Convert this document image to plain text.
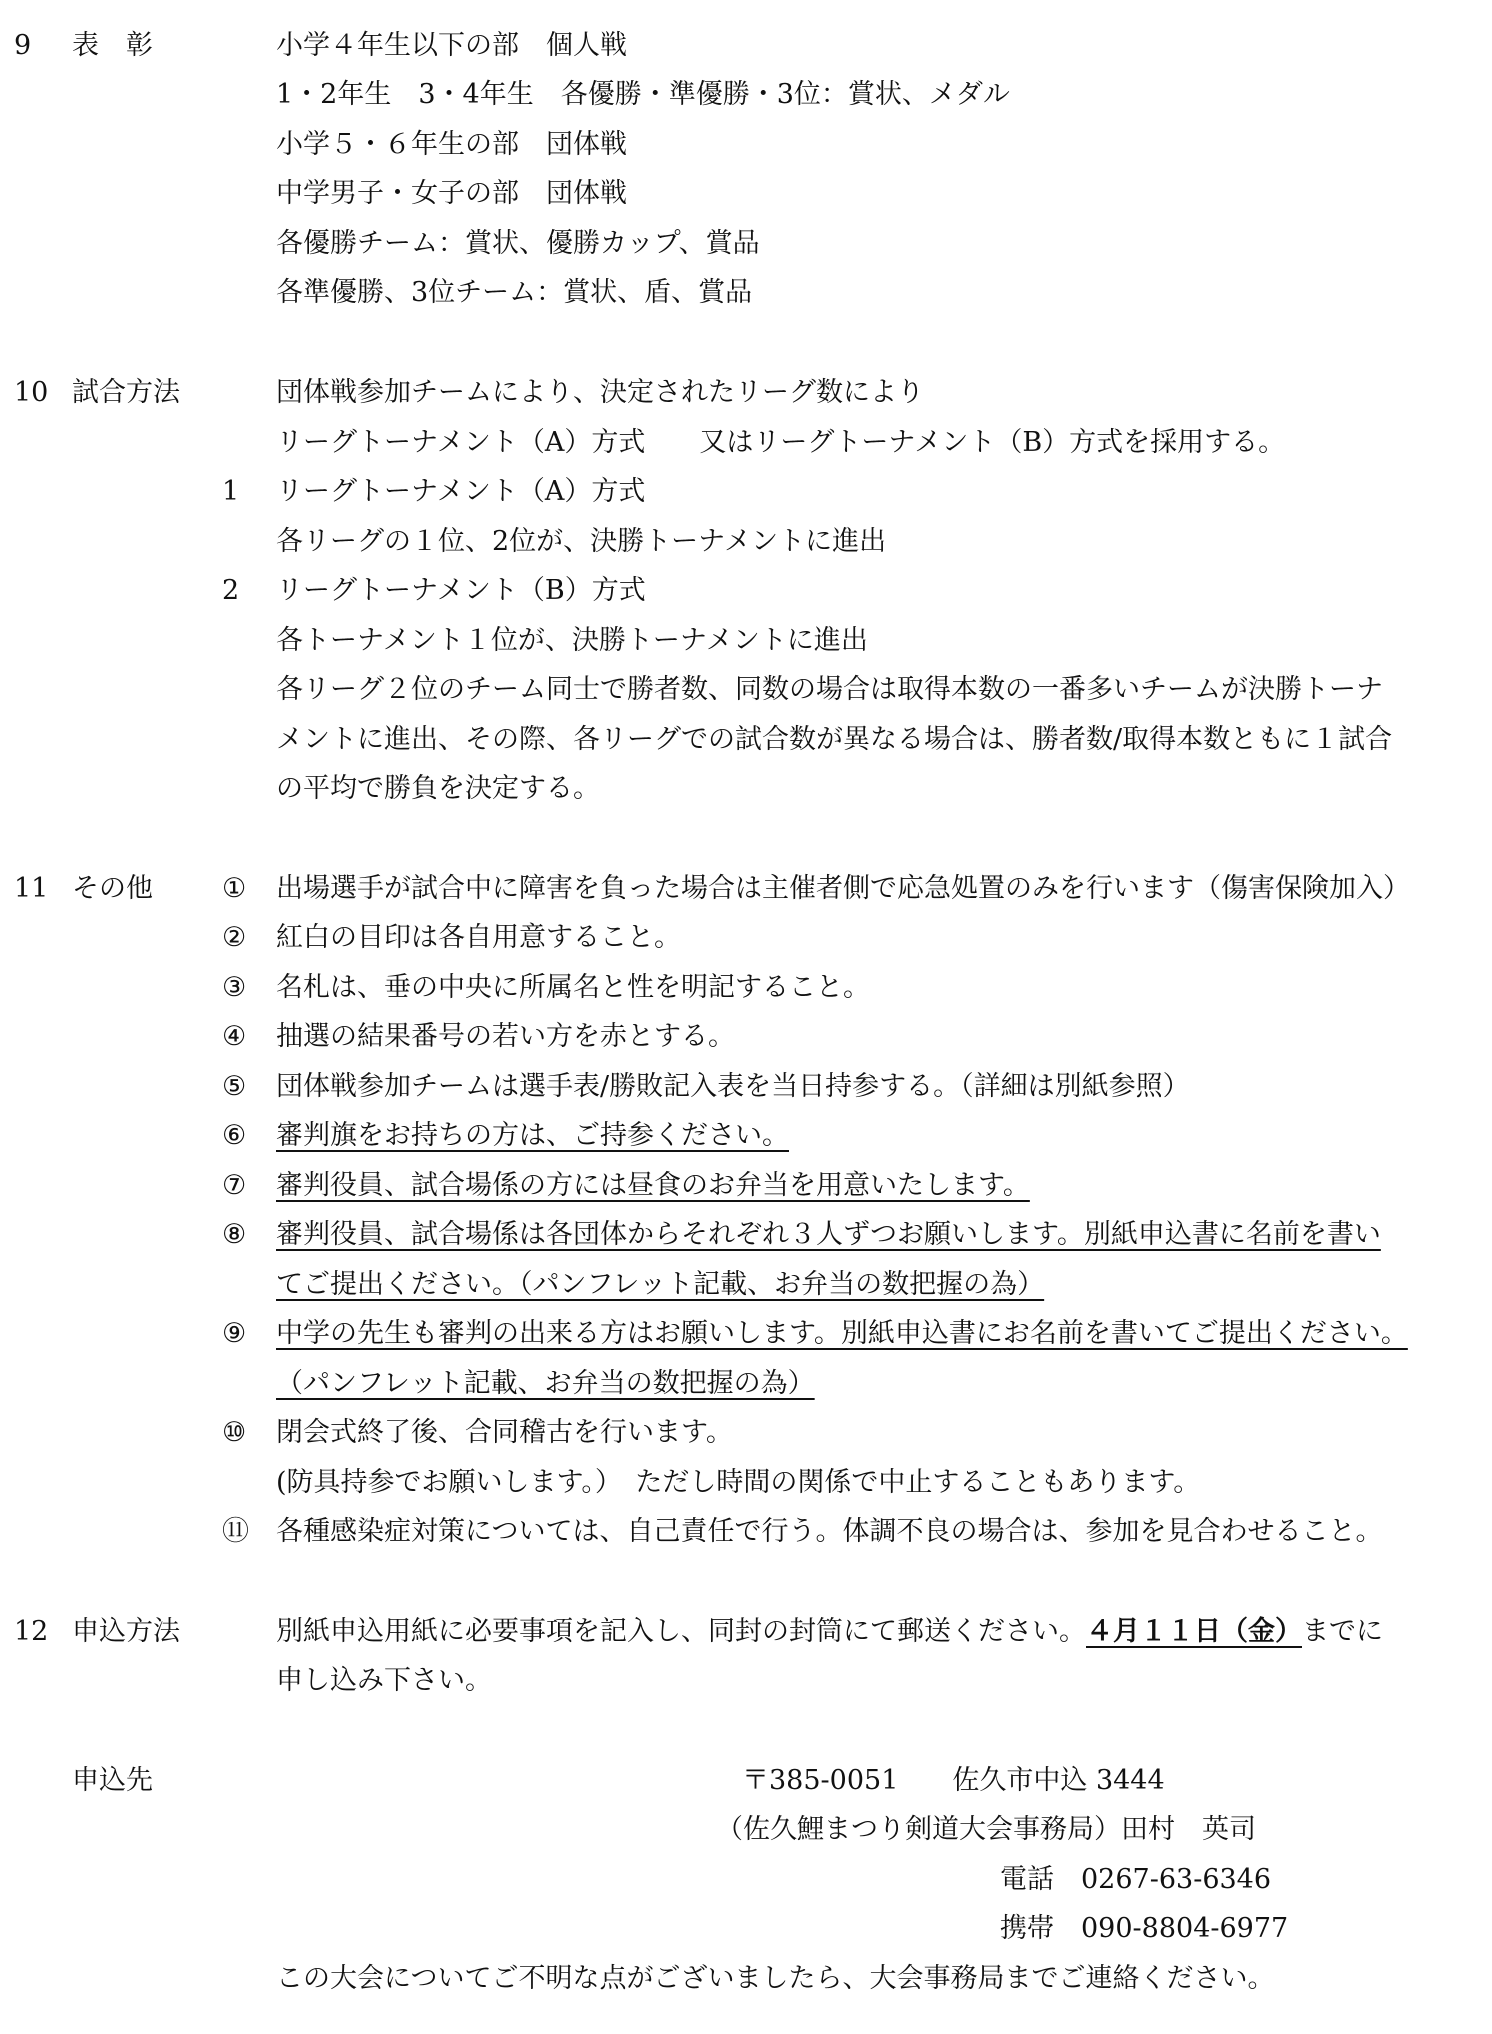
9 表　彰	小学４年生以下の部　個人戦
1・2年生　3・4年生　各優勝・準優勝・3位：賞状、メダル
小学５・６年生の部　団体戦
中学男子・女子の部　団体戦
各優勝チーム：賞状、優勝カップ、賞品
各準優勝、3位チーム：賞状、盾、賞品
10 試合方法	団体戦参加チームにより、決定されたリーグ数により
リーグトーナメント（A）方式　　又はリーグトーナメント（B）方式を採用する。
1 リーグトーナメント（A）方式
各リーグの１位、2位が、決勝トーナメントに進出
2 リーグトーナメント（B）方式
各トーナメント１位が、決勝トーナメントに進出
各リーグ２位のチーム同士で勝者数、同数の場合は取得本数の一番多いチームが決勝トーナ
メントに進出、その際、各リーグでの試合数が異なる場合は、勝者数/取得本数ともに１試合
の平均で勝負を決定する。
11 その他	① 出場選手が試合中に障害を負った場合は主催者側で応急処置のみを行います（傷害保険加入）
② 紅白の目印は各自用意すること。
③ 名札は、垂の中央に所属名と性を明記すること。
④ 抽選の結果番号の若い方を赤とする。
⑤ 団体戦参加チームは選手表/勝敗記入表を当日持参する。（詳細は別紙参照）
⑥ 審判旗をお持ちの方は、ご持参ください。
⑦ 審判役員、試合場係の方には昼食のお弁当を用意いたします。
⑧ 審判役員、試合場係は各団体からそれぞれ３人ずつお願いします。別紙申込書に名前を書い
てご提出ください。（パンフレット記載、お弁当の数把握の為）
⑨ 中学の先生も審判の出来る方はお願いします。別紙申込書にお名前を書いてご提出ください。
（パンフレット記載、お弁当の数把握の為）
⑩ 閉会式終了後、合同稽古を行います。
(防具持参でお願いします。）　ただし時間の関係で中止することもあります。
⑪ 各種感染症対策については、自己責任で行う。体調不良の場合は、参加を見合わせること。
12 申込方法	別紙申込用紙に必要事項を記入し、同封の封筒にて郵送ください。４月１１日（金）までに
申し込み下さい。
申込先	〒385-0051　　佐久市中込 3444
（佐久鯉まつり剣道大会事務局）田村　英司
電話　0267-63-6346
携帯　090-8804-6977
この大会についてご不明な点がございましたら、大会事務局までご連絡ください。
